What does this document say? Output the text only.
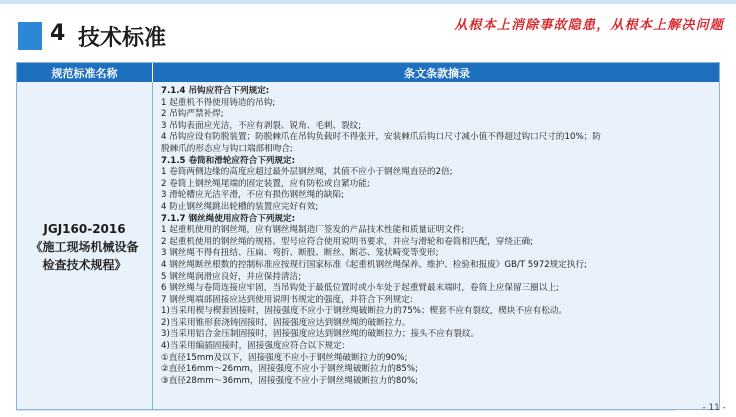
4 技术标准
从根本上消除事故隐患，从根本上解决问题
规范标准名称	条文条款摘录
JGJ160-2016
《施工现场机械设备
检查技术规程》
7.1.4 吊钩应符合下列规定:
1 起重机不得使用铸造的吊钩;
2 吊钩严禁补焊;
3 吊钩表面应光洁，不应有剥裂、锐角、毛刺、裂纹;
4 吊钩应设有防脱装置；防脱棘爪在吊钩负载时不得张开，安装棘爪后钩口尺寸减小值不得超过钩口尺寸的10%；防
脱棘爪的形态应与钩口端部相吻合;
7.1.5 卷筒和滑轮应符合下列规定:
1 卷筒两侧边缘的高度应超过最外层钢丝绳，其值不应小于钢丝绳直径的2倍;
2 卷筒上钢丝绳尾端的固定装置，应有防松或自紧功能;
3 滑轮槽应光洁平滑，不应有损伤钢丝绳的缺陷;
4 防止钢丝绳跳出轮槽的装置应完好有效;
7.1.7 钢丝绳使用应符合下列规定:
1 起重机使用的钢丝绳，应有钢丝绳制造厂签发的产品技术性能和质量证明文件;
2 起重机使用的钢丝绳的规格、型号应符合使用说明书要求，并应与滑轮和卷筒相匹配，穿绕正确;
3 钢丝绳不得有扭结、压扁、弯折、断股、断丝、断芯、笼状畸变等变形;
4 钢丝绳断丝根数的控制标准应按现行国家标准《起重机钢丝绳保养、维护、检验和报废》GB/T 5972规定执行;
5 钢丝绳润滑应良好，并应保持清洁;
6 钢丝绳与卷筒连接应牢固，当吊钩处于最低位置时或小车处于起重臂最末端时，卷筒上应保留三圈以上;
7 钢丝绳端部固接应达到使用说明书规定的强度，并符合下列规定:
1)当采用楔与楔套固接时，固接强度不应小于钢丝绳破断拉力的75%；楔套不应有裂纹，楔块不应有松动。
2)当采用锥形套浇铸固接时，固接强度应达到钢丝绳的破断拉力。
3)当采用铝合金压制固接时，固接强度应达到钢丝绳的破断拉力；接头不应有裂纹。
4)当采用编插固接时，固接强度应符合以下规定:
①直径15mm及以下，固接强度不应小于钢丝绳破断拉力的90%;
②直径16mm～26mm，固接强度不应小于钢丝绳破断拉力的85%;
③直径28mm～36mm，固接强度不应小于钢丝绳破断拉力的80%;
- 11 -
